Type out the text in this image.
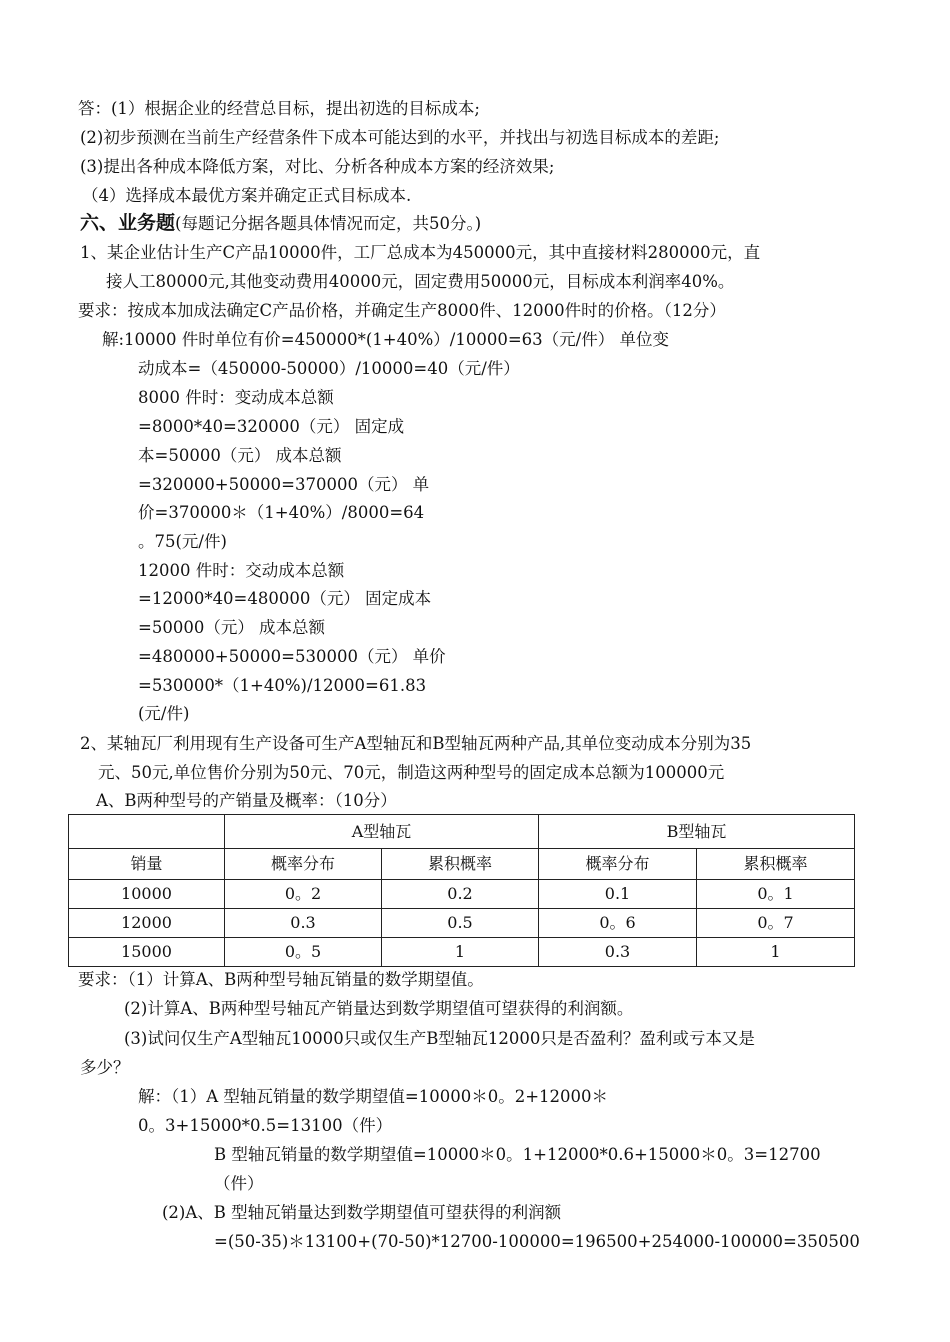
答：(1）根据企业的经营总目标，提出初选的目标成本;
(2)初步预测在当前生产经营条件下成本可能达到的水平，并找出与初选目标成本的差距;
(3)提出各种成本降低方案，对比、分析各种成本方案的经济效果;
（4）选择成本最优方案并确定正式目标成本.
六、业务题(每题记分据各题具体情况而定，共50分。)
1、某企业估计生产C产品10000件，工厂总成本为450000元，其中直接材料280000元，直
接人工80000元,其他变动费用40000元，固定费用50000元，目标成本利润率40%。
要求：按成本加成法确定C产品价格，并确定生产8000件、12000件时的价格。（12分）
解:10000 件时单位有价=450000*(1+40%）/10000=63（元/件） 单位变
动成本=（450000-50000）/10000=40（元/件）
8000 件时：变动成本总额
=8000*40=320000（元） 固定成
本=50000（元） 成本总额
=320000+50000=370000（元） 单
价=370000＊（1+40%）/8000=64
。75(元/件)
12000 件时：交动成本总额
=12000*40=480000（元） 固定成本
=50000（元） 成本总额
=480000+50000=530000（元） 单价
=530000*（1+40%)/12000=61.83
(元/件)
2、某轴瓦厂利用现有生产设备可生产A型轴瓦和B型轴瓦两种产品,其单位变动成本分别为35
元、50元,单位售价分别为50元、70元，制造这两种型号的固定成本总额为100000元
A、B两种型号的产销量及概率：（10分）
	A型轴瓦		B型轴瓦	
销量	概率分布	累积概率	概率分布	累积概率
10000	0。2	0.2	0.1	0。1
12000	0.3	0.5	0。6	0。7
15000	0。5	1	0.3	1
要求：（1）计算A、B两种型号轴瓦销量的数学期望值。
(2)计算A、B两种型号轴瓦产销量达到数学期望值可望获得的利润额。
(3)试问仅生产A型轴瓦10000只或仅生产B型轴瓦12000只是否盈利？盈利或亏本又是
多少？
解：（1）A 型轴瓦销量的数学期望值=10000＊0。2+12000＊
0。3+15000*0.5=13100（件）
B 型轴瓦销量的数学期望值=10000＊0。1+12000*0.6+15000＊0。3=12700
（件）
(2)A、B 型轴瓦销量达到数学期望值可望获得的利润额
=(50-35)＊13100+(70-50)*12700-100000=196500+254000-100000=350500
